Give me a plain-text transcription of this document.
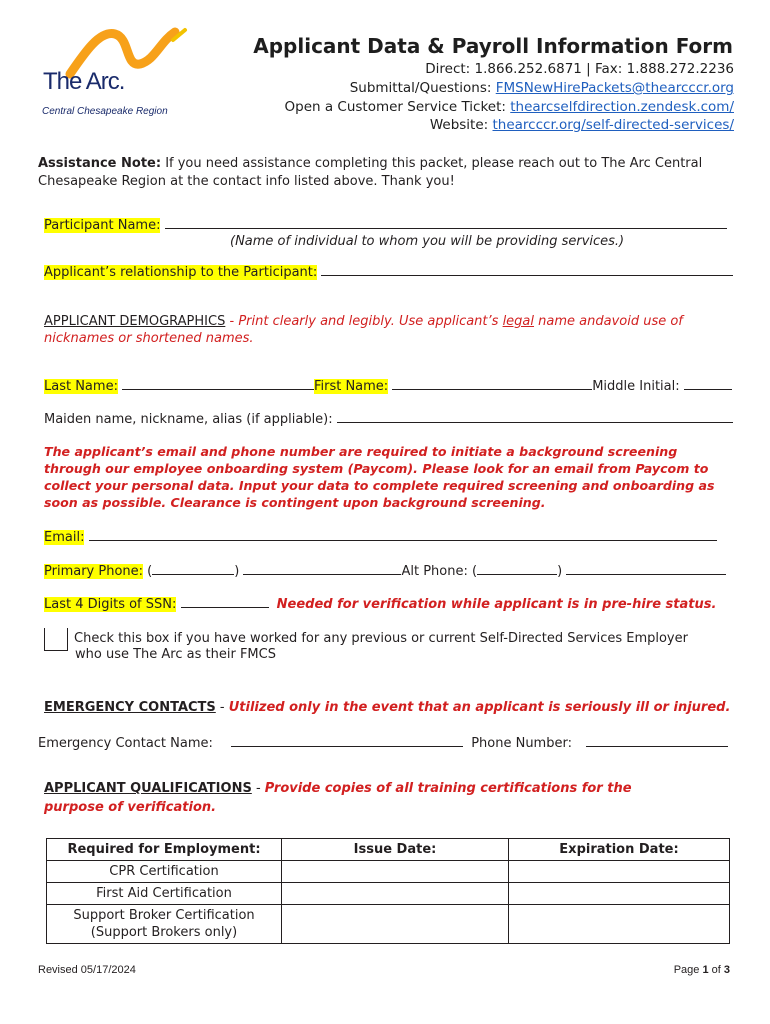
The Arc.
Central Chesapeake Region
Applicant Data & Payroll Information Form
Direct: 1.866.252.6871 | Fax: 1.888.272.2236
Submittal/Questions: FMSNewHirePackets@thearcccr.org
Open a Customer Service Ticket: thearcselfdirection.zendesk.com/
Website: thearcccr.org/self-directed-services/
Assistance Note: If you need assistance completing this packet, please reach out to The Arc Central Chesapeake Region at the contact info listed above. Thank you!
Participant Name:
(Name of individual to whom you will be providing services.)
Applicant’s relationship to the Participant:
APPLICANT DEMOGRAPHICS - Print clearly and legibly. Use applicant’s legal name andavoid use of nicknames or shortened names.
Last Name:	First Name:	Middle Initial:
Maiden name, nickname, alias (if appliable):
The applicant’s email and phone number are required to initiate a background screening through our employee onboarding system (Paycom). Please look for an email from Paycom to collect your personal data. Input your data to complete required screening and onboarding as soon as possible. Clearance is contingent upon background screening.
Email:
Primary Phone: (	)	Alt Phone: (	)
Last 4 Digits of SSN:	Needed for verification while applicant is in pre-hire status.
Check this box if you have worked for any previous or current Self-Directed Services Employer
who use The Arc as their FMCS
EMERGENCY CONTACTS - Utilized only in the event that an applicant is seriously ill or injured.
Emergency Contact Name:	Phone Number:
APPLICANT QUALIFICATIONS - Provide copies of all training certifications for the purpose of verification.
Required for Employment:	Issue Date:	Expiration Date:
CPR Certification		
First Aid Certification		

Support Broker Certification
(Support Brokers only)		

Revised 05/17/2024	Page 1 of 3
